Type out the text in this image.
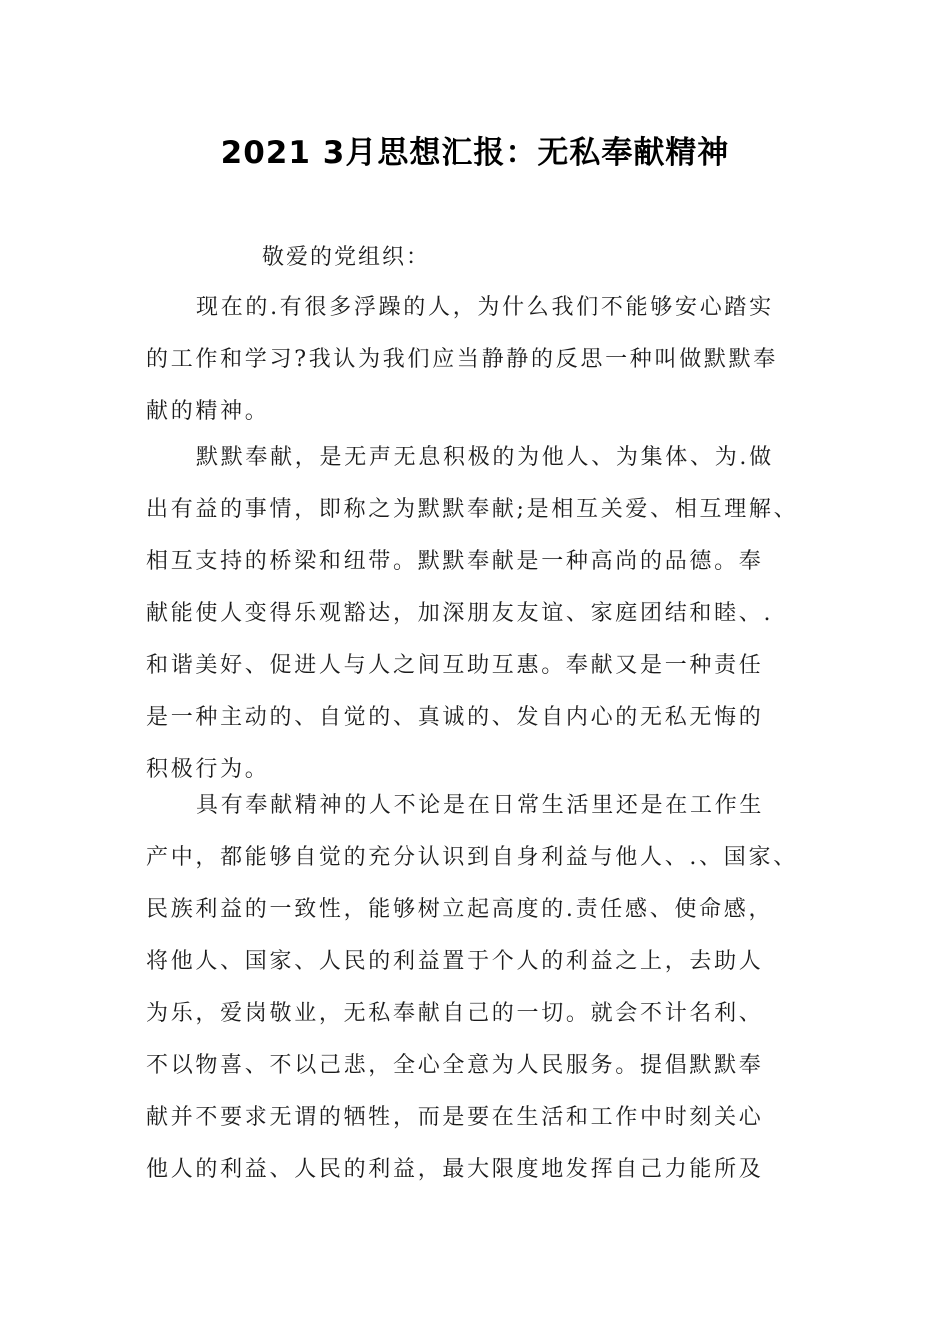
2021 3月思想汇报：无私奉献精神
敬爱的党组织：
现在的.有很多浮躁的人，为什么我们不能够安心踏实
的工作和学习?我认为我们应当静静的反思一种叫做默默奉
献的精神。
默默奉献，是无声无息积极的为他人、为集体、为.做
出有益的事情，即称之为默默奉献;是相互关爱、相互理解、
相互支持的桥梁和纽带。默默奉献是一种高尚的品德。奉
献能使人变得乐观豁达，加深朋友友谊、家庭团结和睦、.
和谐美好、促进人与人之间互助互惠。奉献又是一种责任
是一种主动的、自觉的、真诚的、发自内心的无私无悔的
积极行为。
具有奉献精神的人不论是在日常生活里还是在工作生
产中，都能够自觉的充分认识到自身利益与他人、.、国家、
民族利益的一致性，能够树立起高度的.责任感、使命感，
将他人、国家、人民的利益置于个人的利益之上，去助人
为乐，爱岗敬业，无私奉献自己的一切。就会不计名利、
不以物喜、不以己悲，全心全意为人民服务。提倡默默奉
献并不要求无谓的牺牲，而是要在生活和工作中时刻关心
他人的利益、人民的利益，最大限度地发挥自己力能所及
